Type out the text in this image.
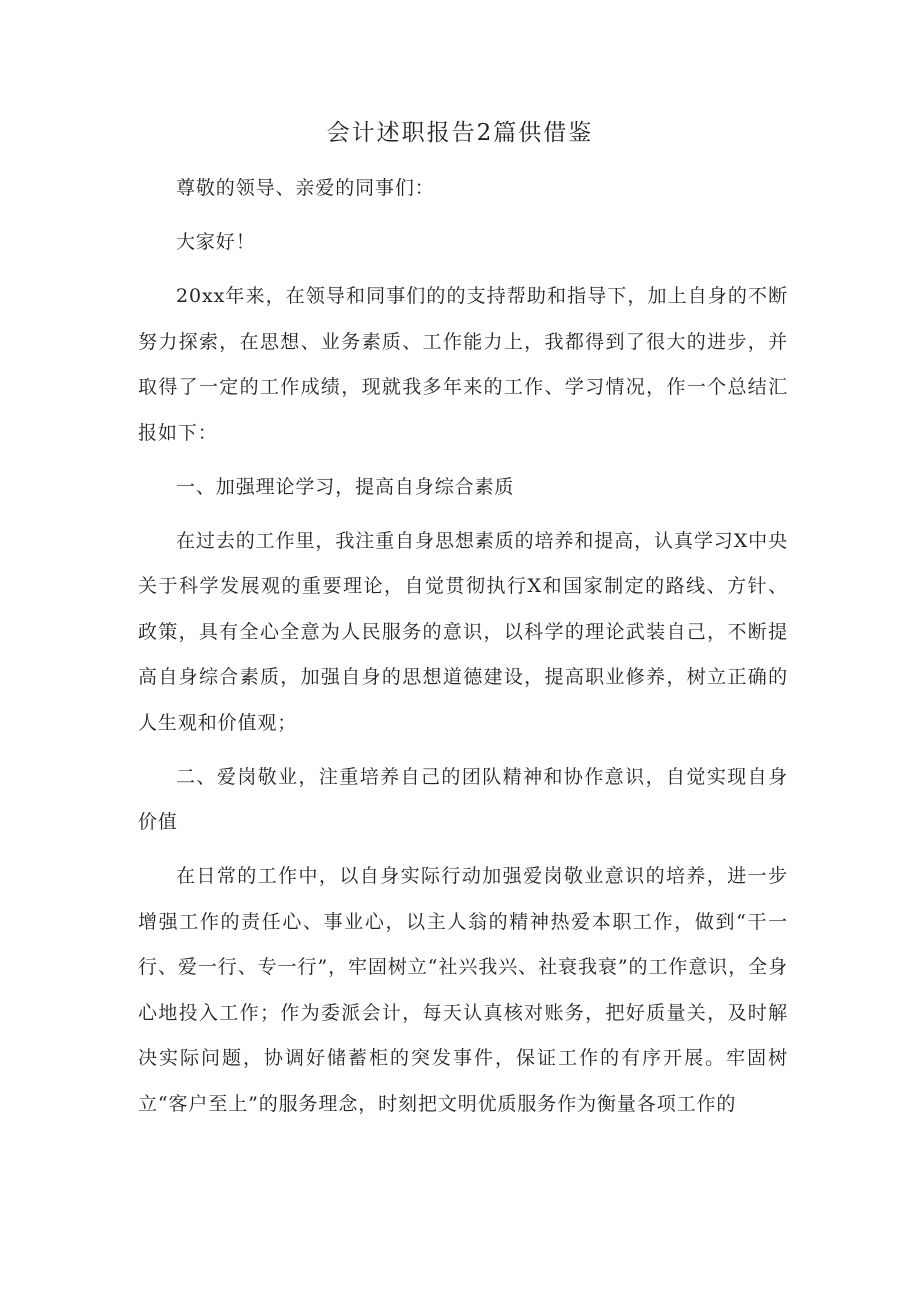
会计述职报告2篇供借鉴

尊敬的领导、亲爱的同事们：

大家好！

20xx年来，在领导和同事们的的支持帮助和指导下，加上自身的不断努力探索，在思想、业务素质、工作能力上，我都得到了很大的进步，并取得了一定的工作成绩，现就我多年来的工作、学习情况，作一个总结汇报如下：

一、加强理论学习，提高自身综合素质

在过去的工作里，我注重自身思想素质的培养和提高，认真学习X中央关于科学发展观的重要理论，自觉贯彻执行X和国家制定的路线、方针、政策，具有全心全意为人民服务的意识，以科学的理论武装自己，不断提高自身综合素质，加强自身的思想道德建设，提高职业修养，树立正确的人生观和价值观；

二、爱岗敬业，注重培养自己的团队精神和协作意识，自觉实现自身价值

在日常的工作中，以自身实际行动加强爱岗敬业意识的培养，进一步增强工作的责任心、事业心，以主人翁的精神热爱本职工作，做到“干一行、爱一行、专一行”，牢固树立“社兴我兴、社衰我衰”的工作意识，全身心地投入工作；作为委派会计，每天认真核对账务，把好质量关，及时解决实际问题，协调好储蓄柜的突发事件，保证工作的有序开展。牢固树立“客户至上”的服务理念，时刻把文明优质服务作为衡量各项工作的
